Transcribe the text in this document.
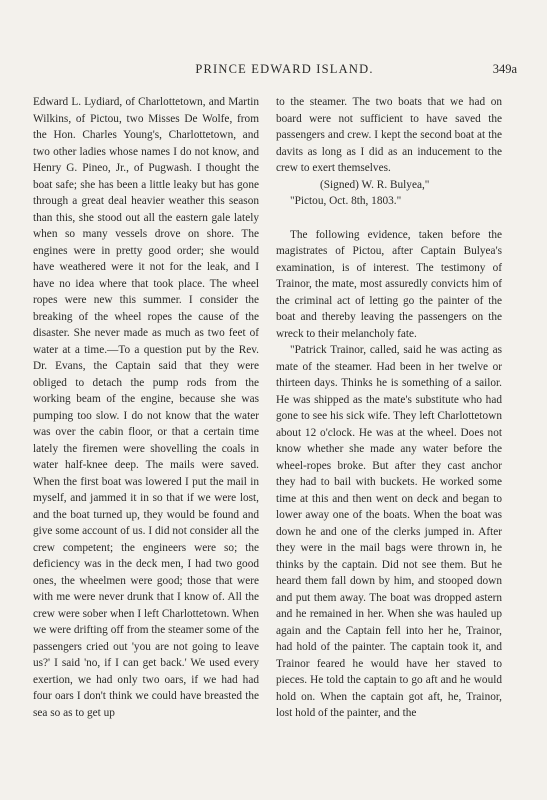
PRINCE EDWARD ISLAND.	349a

Edward L. Lydiard, of Charlottetown, and Martin Wilkins, of Pictou, two Misses De Wolfe, from the Hon. Charles Young's, Charlottetown, and two other ladies whose names I do not know, and Henry G. Pineo, Jr., of Pugwash. I thought the boat safe; she has been a little leaky but has gone through a great deal heavier weather this season than this, she stood out all the eastern gale lately when so many vessels drove on shore. The engines were in pretty good order; she would have weathered were it not for the leak, and I have no idea where that took place. The wheel ropes were new this summer. I consider the breaking of the wheel ropes the cause of the disaster. She never made as much as two feet of water at a time.—To a question put by the Rev. Dr. Evans, the Captain said that they were obliged to detach the pump rods from the working beam of the engine, because she was pumping too slow. I do not know that the water was over the cabin floor, or that a certain time lately the firemen were shovelling the coals in water half-knee deep. The mails were saved. When the first boat was lowered I put the mail in myself, and jammed it in so that if we were lost, and the boat turned up, they would be found and give some account of us. I did not consider all the crew competent; the engineers were so; the deficiency was in the deck men, I had two good ones, the wheelmen were good; those that were with me were never drunk that I know of. All the crew were sober when I left Charlottetown. When we were drifting off from the steamer some of the passengers cried out 'you are not going to leave us?' I said 'no, if I can get back.' We used every exertion, we had only two oars, if we had had four oars I don't think we could have breasted the sea so as to get up

to the steamer. The two boats that we had on board were not sufficient to have saved the passengers and crew. I kept the second boat at the davits as long as I did as an inducement to the crew to exert themselves.

(Signed) W. R. Bulyea,"

"Pictou, Oct. 8th, 1803."

The following evidence, taken before the magistrates of Pictou, after Captain Bulyea's examination, is of interest. The testimony of Trainor, the mate, most assuredly convicts him of the criminal act of letting go the painter of the boat and thereby leaving the passengers on the wreck to their melancholy fate.

"Patrick Trainor, called, said he was acting as mate of the steamer. Had been in her twelve or thirteen days. Thinks he is something of a sailor. He was shipped as the mate's substitute who had gone to see his sick wife. They left Charlottetown about 12 o'clock. He was at the wheel. Does not know whether she made any water before the wheel-ropes broke. But after they cast anchor they had to bail with buckets. He worked some time at this and then went on deck and began to lower away one of the boats. When the boat was down he and one of the clerks jumped in. After they were in the mail bags were thrown in, he thinks by the captain. Did not see them. But he heard them fall down by him, and stooped down and put them away. The boat was dropped astern and he remained in her. When she was hauled up again and the Captain fell into her he, Trainor, had hold of the painter. The captain took it, and Trainor feared he would have her staved to pieces. He told the captain to go aft and he would hold on. When the captain got aft, he, Trainor, lost hold of the painter, and the
